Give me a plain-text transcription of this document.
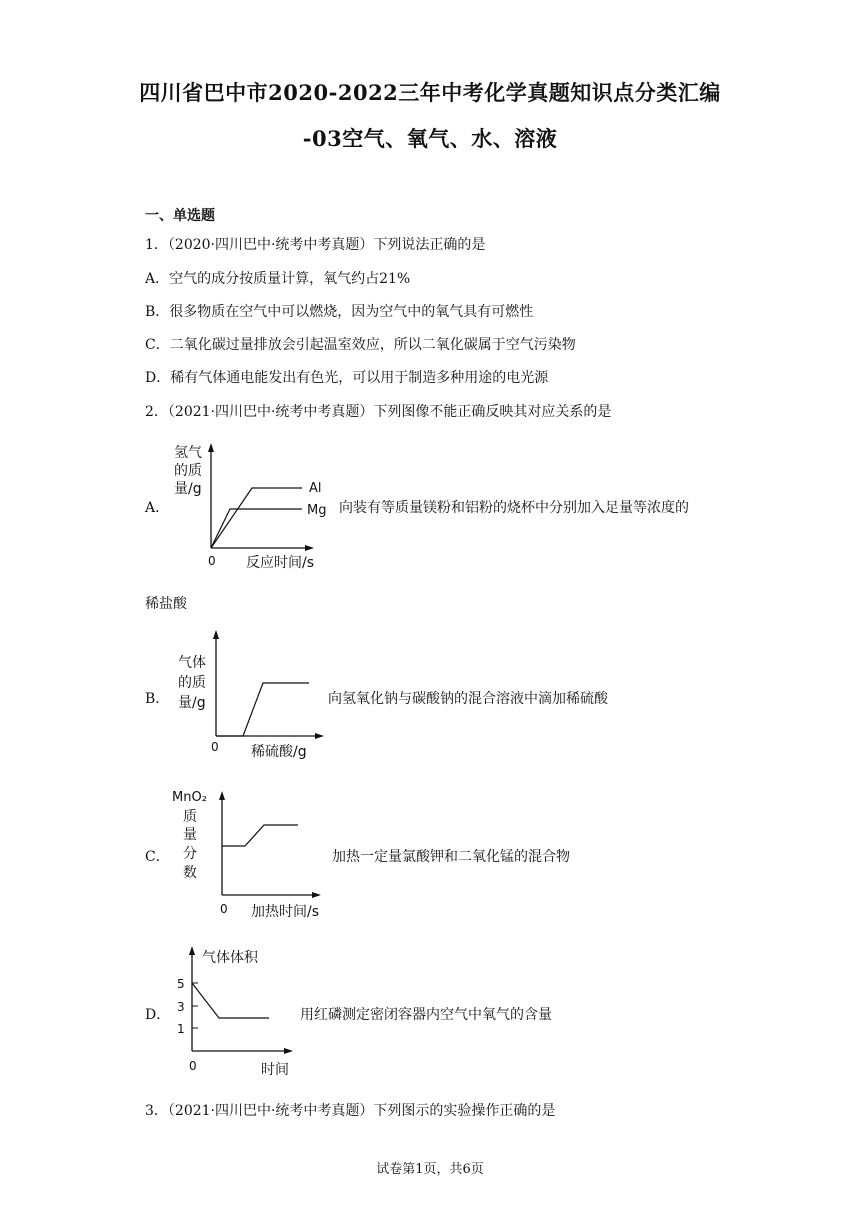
四川省巴中市2020-2022三年中考化学真题知识点分类汇编
-03空气、氧气、水、溶液
一、单选题
1．（2020·四川巴中·统考中考真题）下列说法正确的是
A．空气的成分按质量计算，氧气约占21%
B．很多物质在空气中可以燃烧，因为空气中的氧气具有可燃性
C．二氧化碳过量排放会引起温室效应，所以二氧化碳属于空气污染物
D．稀有气体通电能发出有色光，可以用于制造多种用途的电光源
2．（2021·四川巴中·统考中考真题）下列图像不能正确反映其对应关系的是
A．
氢气
的质
量/g	Al
Mg
0 反应时间/s
向装有等质量镁粉和铝粉的烧杯中分别加入足量等浓度的
稀盐酸
B．
气体
的质
量/g
0 稀硫酸/g
向氢氧化钠与碳酸钠的混合溶液中滴加稀硫酸
C．
MnO₂
质
量
分
数
0 加热时间/s
加热一定量氯酸钾和二氧化锰的混合物
D．
气体体积
5
3
1
0	时间
用红磷测定密闭容器内空气中氧气的含量
3．（2021·四川巴中·统考中考真题）下列图示的实验操作正确的是
试卷第1页，共6页
